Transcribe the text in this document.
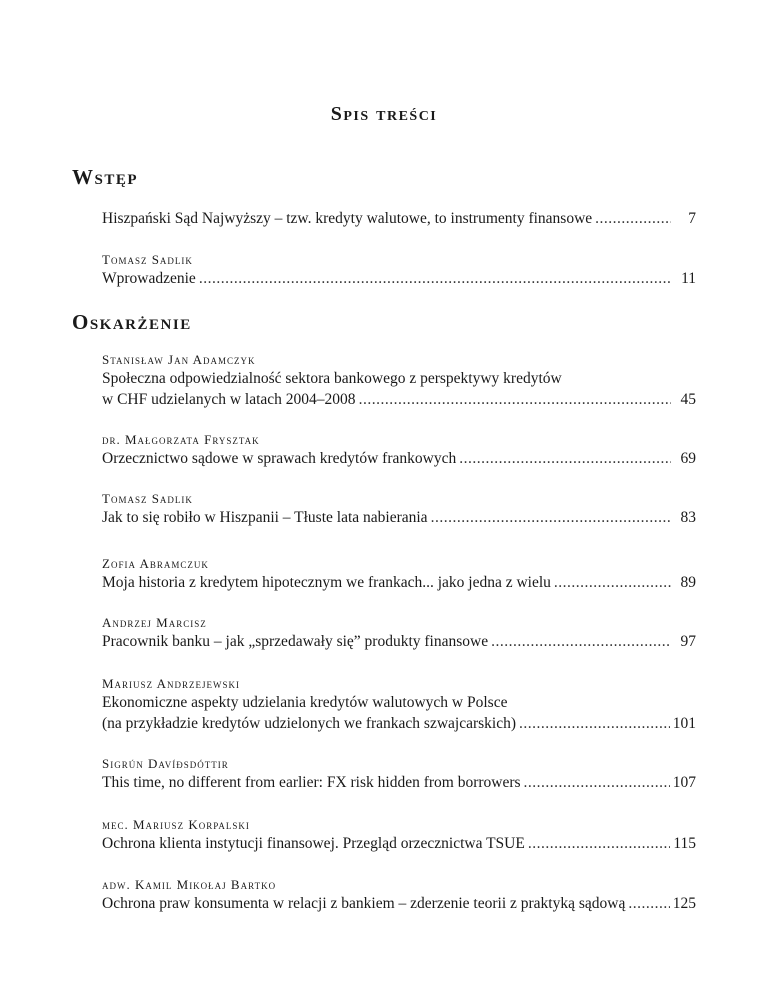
Spis treści
Wstęp
Hiszpański Sąd Najwyższy – tzw. kredyty walutowe, to instrumenty finansowe .....	7
Tomasz Sadlik
Wprowadzenie .....	11
Oskarżenie
Stanisław Jan Adamczyk
Społeczna odpowiedzialność sektora bankowego z perspektywy kredytów
w CHF udzielanych w latach 2004–2008 .....	45
dr. Małgorzata Frysztak
Orzecznictwo sądowe w sprawach kredytów frankowych .....	69
Tomasz Sadlik
Jak to się robiło w Hiszpanii – Tłuste lata nabierania .....	83
Zofia Abramczuk
Moja historia z kredytem hipotecznym we frankach... jako jedna z wielu .....	89
Andrzej Marcisz
Pracownik banku – jak „sprzedawały się” produkty finansowe .....	97
Mariusz Andrzejewski
Ekonomiczne aspekty udzielania kredytów walutowych w Polsce
(na przykładzie kredytów udzielonych we frankach szwajcarskich) .....	101
Sigrún Davíðsdóttir
This time, no different from earlier: FX risk hidden from borrowers .....	107
mec. Mariusz Korpalski
Ochrona klienta instytucji finansowej. Przegląd orzecznictwa TSUE .....	115
adw. Kamil Mikołaj Bartko
Ochrona praw konsumenta w relacji z bankiem – zderzenie teorii z praktyką sądową .....	125
